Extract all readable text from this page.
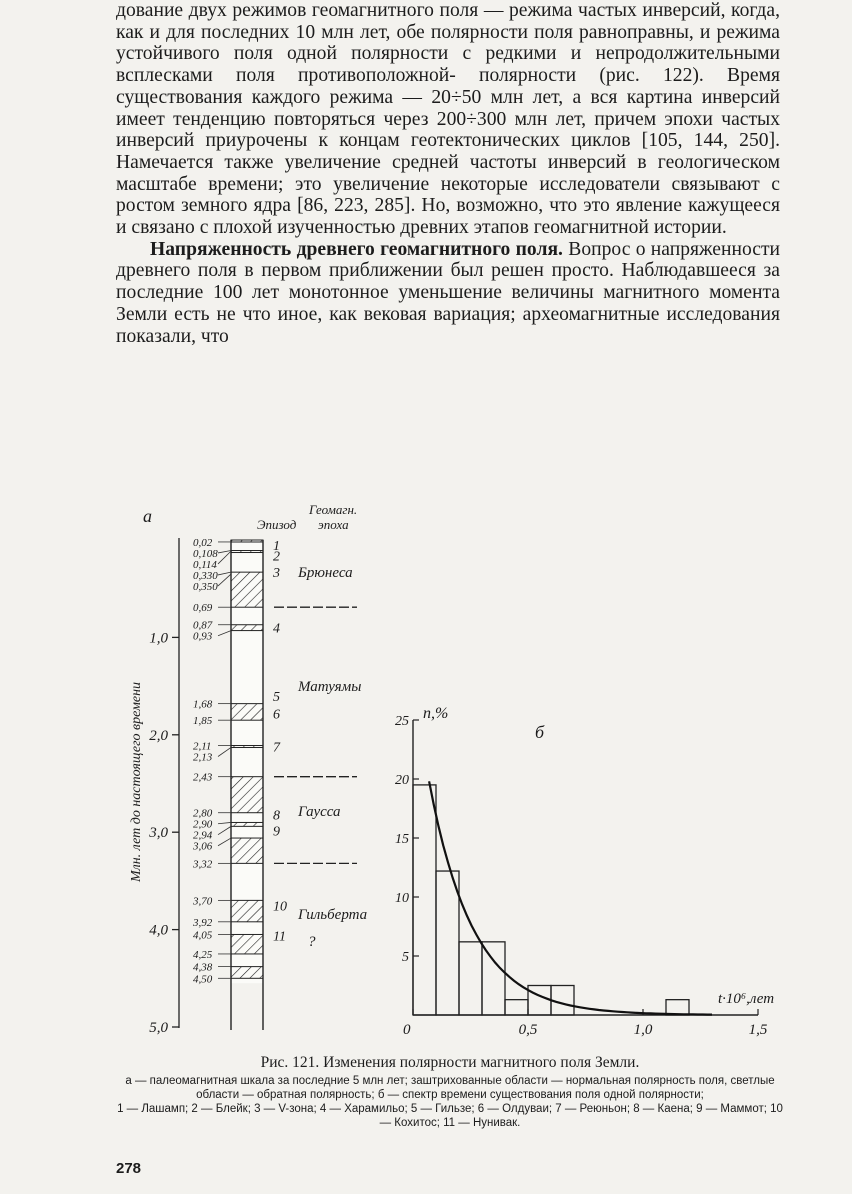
дование двух режимов геомагнитного поля — режима частых инверсий, когда, как и для последних 10 млн лет, обе полярности поля равноправны, и режима устойчивого поля одной полярности с редкими и непродолжительными всплесками поля противоположной- полярности (рис. 122). Время существования каждого режима — 20÷50 млн лет, а вся картина инверсий имеет тенденцию повторяться через 200÷300 млн лет, причем эпохи частых инверсий приурочены к концам геотектонических циклов [105, 144, 250]. Намечается также увеличение средней частоты инверсий в геологическом масштабе времени; это увеличение некоторые исследователи связывают с ростом земного ядра [86, 223, 285]. Но, возможно, что это явление кажущееся и связано с плохой изученностью древних этапов геомагнитной истории.

Напряженность древнего геомагнитного поля. Вопрос о напряженности древнего поля в первом приближении был решен просто. Наблюдавшееся за последние 100 лет монотонное уменьшение величины магнитного момента Земли есть не что иное, как вековая вариация; археомагнитные исследования показали, что

а	Эпизод
Геомагн.
эпоха
Млн. лет до настоящего времени
1,0
2,0
3,0
4,0
5,0
0,02
0,108
0,114
0,330
0,350
0,69
0,87
0,93
1,68
1,85
2,11
2,13
2,43
2,80
2,90
2,94
3,06
3,32
3,70
3,92
4,05
4,25
4,38
4,50
1
2
3
4
5
6
7
8
9
10
11
Брюнеса
Матуямы
Гаусса
Гильберта
?
б
n,%
t·10⁶,лет
5
10
15
20
25
0	0,5	1,0	1,5
Рис. 121. Изменения полярности магнитного поля Земли.
а — палеомагнитная шкала за последние 5 млн лет; заштрихованные области — нормальная полярность поля, светлые области — обратная полярность; б — спектр времени существования поля одной полярности;
1 — Лашамп; 2 — Блейк; 3 — V-зона; 4 — Харамильо; 5 — Гильзе; 6 — Олдуваи; 7 — Реюньон; 8 — Каена; 9 — Маммот; 10 — Кохитос; 11 — Нунивак.
278
